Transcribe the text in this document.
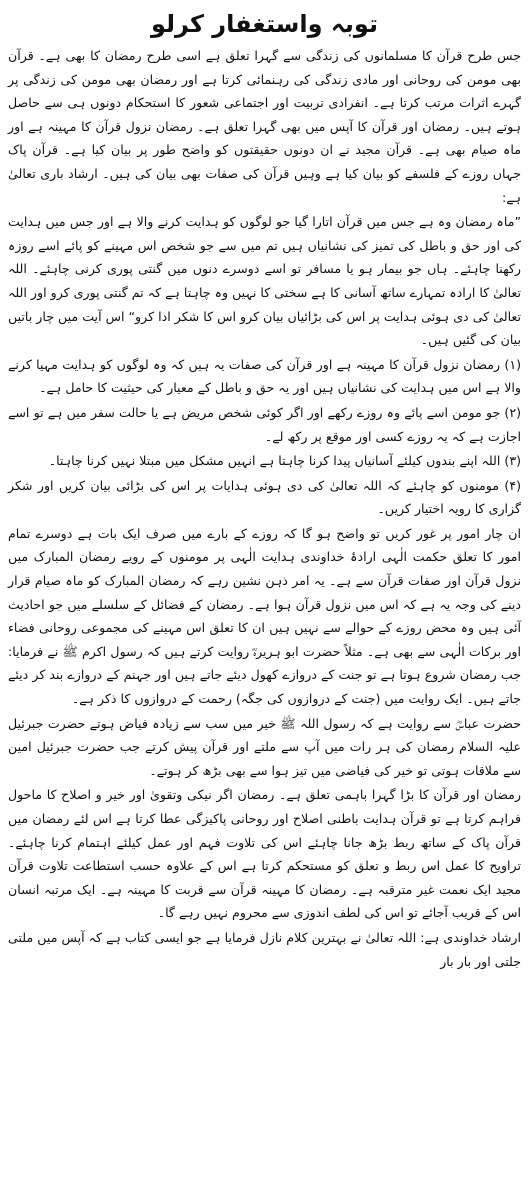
توبہ واستغفار کرلو

جس طرح قرآن کا مسلمانوں کی زندگی سے گہرا تعلق ہے اسی طرح رمضان کا بھی ہے۔ قرآن بھی مومن کی روحانی اور مادی زندگی کی رہنمائی کرتا ہے اور رمضان بھی مومن کی زندگی پر گہرے اثرات مرتب کرتا ہے۔ انفرادی تربیت اور اجتماعی شعور کا استحکام دونوں ہی سے حاصل ہوتے ہیں۔ رمضان اور قرآن کا آپس میں بھی گہرا تعلق ہے۔ رمضان نزول قرآن کا مہینہ ہے اور ماہ صیام بھی ہے۔ قرآن مجید نے ان دونوں حقیقتوں کو واضح طور پر بیان کیا ہے۔ قرآن پاک جہاں روزے کے فلسفے کو بیان کیا ہے وہیں قرآن کی صفات بھی بیان کی ہیں۔ ارشاد باری تعالیٰ ہے:

”ماہ رمضان وہ ہے جس میں قرآن اتارا گیا جو لوگوں کو ہدایت کرنے والا ہے اور جس میں ہدایت کی اور حق و باطل کی تمیز کی نشانیاں ہیں تم میں سے جو شخص اس مہینے کو پائے اسے روزہ رکھنا چاہئے۔ ہاں جو بیمار ہو یا مسافر تو اسے دوسرے دنوں میں گنتی پوری کرنی چاہئے۔ اللہ تعالیٰ کا ارادہ تمہارے ساتھ آسانی کا ہے سختی کا نہیں وہ چاہتا ہے کہ تم گنتی پوری کرو اور اللہ تعالیٰ کی دی ہوئی ہدایت پر اس کی بڑائیاں بیان کرو اس کا شکر ادا کرو“ اس آیت میں چار باتیں بیان کی گئیں ہیں۔

(۱) رمضان نزول قرآن کا مہینہ ہے اور قرآن کی صفات یہ ہیں کہ وہ لوگوں کو ہدایت مہیا کرنے والا ہے اس میں ہدایت کی نشانیاں ہیں اور یہ حق و باطل کے معیار کی حیثیت کا حامل ہے۔

(۲) جو مومن اسے پائے وہ روزے رکھے اور اگر کوئی شخص مریض ہے یا حالت سفر میں ہے تو اسے اجازت ہے کہ یہ روزے کسی اور موقع پر رکھ لے۔

(۳) اللہ اپنے بندوں کیلئے آسانیاں پیدا کرنا چاہتا ہے انہیں مشکل میں مبتلا نہیں کرنا چاہتا۔

(۴) مومنوں کو چاہئے کہ اللہ تعالیٰ کی دی ہوئی ہدایات پر اس کی بڑائی بیان کریں اور شکر گزاری کا رویہ اختیار کریں۔

ان چار امور پر غور کریں تو واضح ہو گا کہ روزے کے بارے میں صرف ایک بات ہے دوسرے تمام امور کا تعلق حکمت الٰہی ارادۂ خداوندی ہدایت الٰہی پر مومنوں کے رویے رمضان المبارک میں نزول قرآن اور صفات قرآن سے ہے۔ یہ امر ذہن نشین رہے کہ رمضان المبارک کو ماہ صیام قرار دینے کی وجہ یہ ہے کہ اس میں نزول قرآن ہوا ہے۔ رمضان کے فضائل کے سلسلے میں جو احادیث آئی ہیں وہ محض روزے کے حوالے سے نہیں ہیں ان کا تعلق اس مہینے کی مجموعی روحانی فضاء اور برکات الٰہی سے بھی ہے۔ مثلاً حضرت ابو ہریرہؓ روایت کرتے ہیں کہ رسول اکرم ﷺ نے فرمایا: جب رمضان شروع ہوتا ہے تو جنت کے دروازے کھول دیئے جاتے ہیں اور جہنم کے دروازے بند کر دیئے جاتے ہیں۔ ایک روایت میں (جنت کے دروازوں کی جگہ) رحمت کے دروازوں کا ذکر ہے۔

حضرت عباسؓ سے روایت ہے کہ رسول اللہ ﷺ خیر میں سب سے زیادہ فیاض ہوتے حضرت جبرئیل علیہ السلام رمضان کی ہر رات میں آپ سے ملتے اور قرآن پیش کرتے جب حضرت جبرئیل امین سے ملاقات ہوتی تو خیر کی فیاضی میں تیز ہوا سے بھی بڑھ کر ہوتے۔

رمضان اور قرآن کا بڑا گہرا باہمی تعلق ہے۔ رمضان اگر نیکی وتقویٰ اور خیر و اصلاح کا ماحول فراہم کرتا ہے تو قرآن ہدایت باطنی اصلاح اور روحانی پاکیزگی عطا کرتا ہے اس لئے رمضان میں قرآن پاک کے ساتھ ربط بڑھ جانا چاہئے اس کی تلاوت فہم اور عمل کیلئے اہتمام کرنا چاہئے۔ تراویح کا عمل اس ربط و تعلق کو مستحکم کرتا ہے اس کے علاوہ حسب استطاعت تلاوت قرآن مجید ایک نعمت غیر مترقبہ ہے۔ رمضان کا مہینہ قرآن سے قربت کا مہینہ ہے۔ ایک مرتبہ انسان اس کے قریب آجائے تو اس کی لطف اندوزی سے محروم نہیں رہے گا۔

ارشاد خداوندی ہے: اللہ تعالیٰ نے بہترین کلام نازل فرمایا ہے جو ایسی کتاب ہے کہ آپس میں ملتی جلتی اور بار بار
